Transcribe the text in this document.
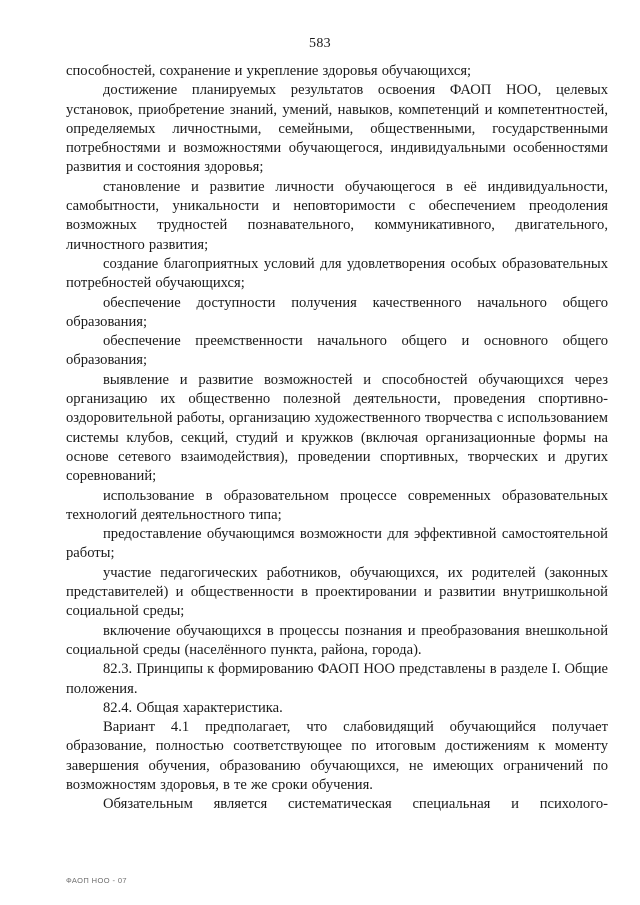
583

способностей, сохранение и укрепление здоровья обучающихся;

достижение планируемых результатов освоения ФАОП НОО, целевых установок, приобретение знаний, умений, навыков, компетенций и компетентностей, определяемых личностными, семейными, общественными, государственными потребностями и возможностями обучающегося, индивидуальными особенностями развития и состояния здоровья;

становление и развитие личности обучающегося в её индивидуальности, самобытности, уникальности и неповторимости с обеспечением преодоления возможных трудностей познавательного, коммуникативного, двигательного, личностного развития;

создание благоприятных условий для удовлетворения особых образовательных потребностей обучающихся;

обеспечение доступности получения качественного начального общего образования;

обеспечение преемственности начального общего и основного общего образования;

выявление и развитие возможностей и способностей обучающихся через организацию их общественно полезной деятельности, проведения спортивно-оздоровительной работы, организацию художественного творчества с использованием системы клубов, секций, студий и кружков (включая организационные формы на основе сетевого взаимодействия), проведении спортивных, творческих и других соревнований;

использование в образовательном процессе современных образовательных технологий деятельностного типа;

предоставление обучающимся возможности для эффективной самостоятельной работы;

участие педагогических работников, обучающихся, их родителей (законных представителей) и общественности в проектировании и развитии внутришкольной социальной среды;

включение обучающихся в процессы познания и преобразования внешкольной социальной среды (населённого пункта, района, города).

82.3. Принципы к формированию ФАОП НОО представлены в разделе I. Общие положения.

82.4. Общая характеристика.

Вариант 4.1 предполагает, что слабовидящий обучающийся получает образование, полностью соответствующее по итоговым достижениям к моменту завершения обучения, образованию обучающихся, не имеющих ограничений по возможностям здоровья, в те же сроки обучения.

Обязательным является систематическая специальная и психолого-

ФАОП НОО - 07
